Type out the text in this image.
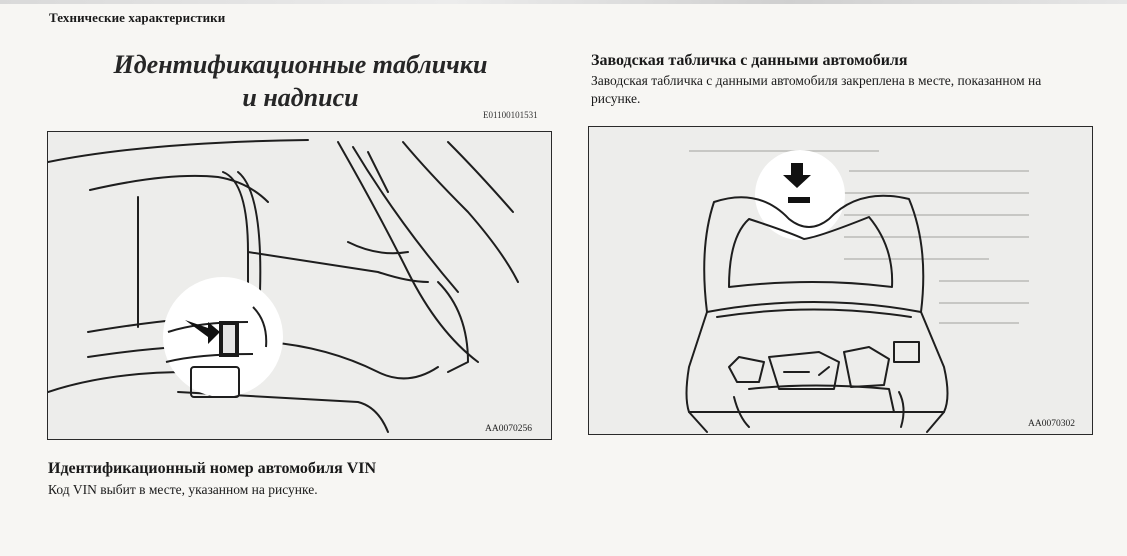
Технические характеристики
Идентификационные таблички
и надписи
E01100101531
AA0070256
Заводская табличка с данными автомобиля
Заводская табличка с данными автомобиля закреплена в месте, показанном на рисунке.
AA0070302
Идентификационный номер автомобиля VIN
Код VIN выбит в месте, указанном на рисунке.
